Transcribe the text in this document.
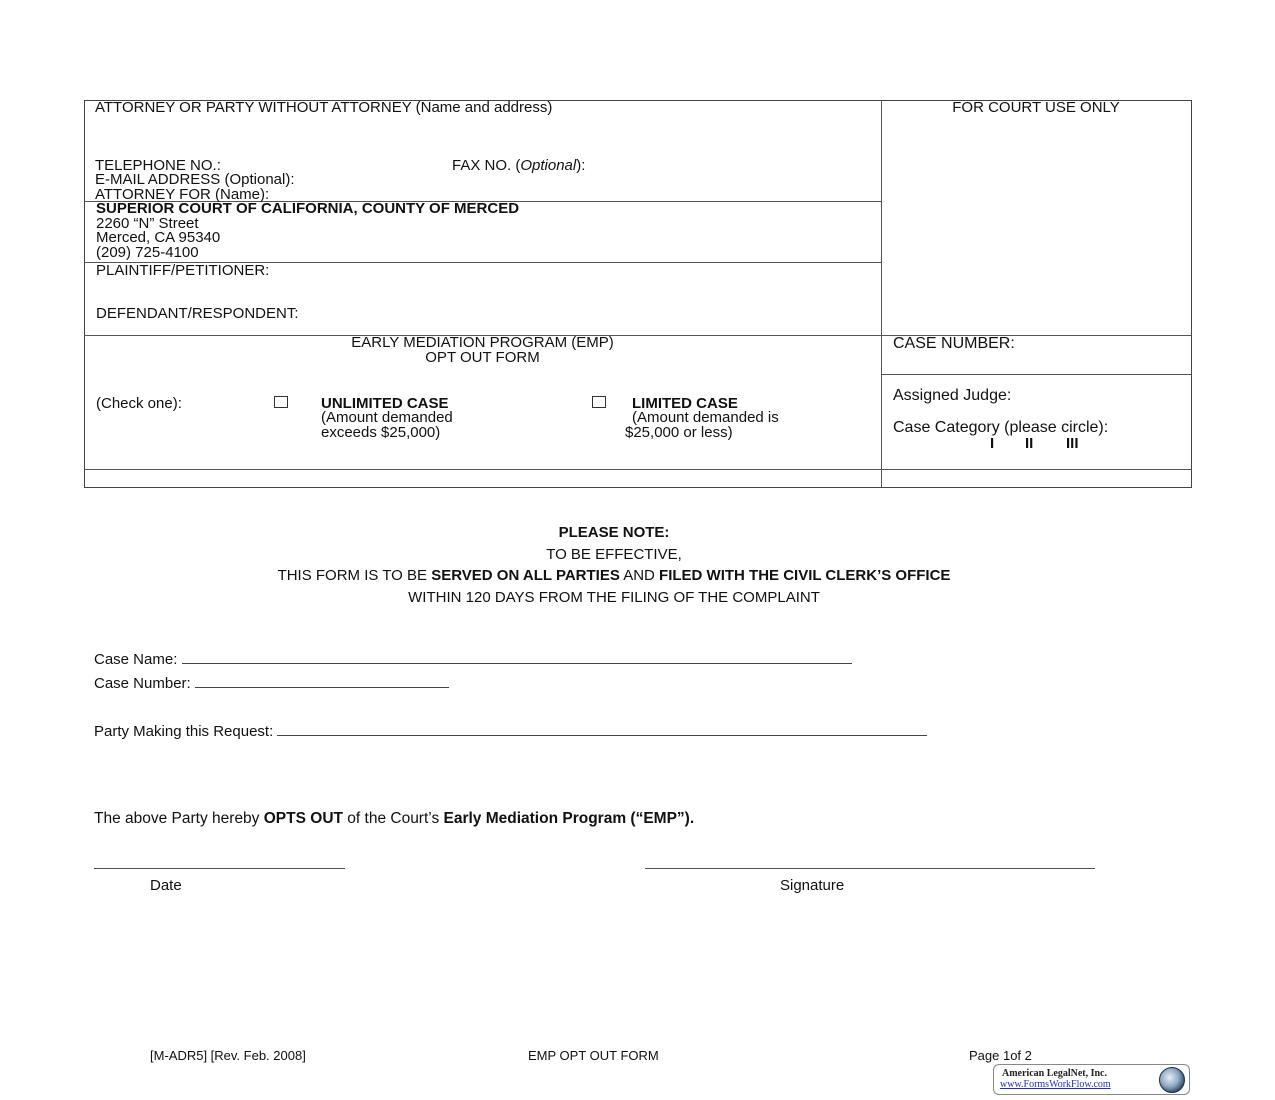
ATTORNEY OR PARTY WITHOUT ATTORNEY (Name and address)
TELEPHONE NO.:	FAX NO. (Optional):
E-MAIL ADDRESS (Optional):
ATTORNEY FOR (Name):
SUPERIOR COURT OF CALIFORNIA, COUNTY OF MERCED
2260 “N” Street
Merced, CA 95340
(209) 725-4100
PLAINTIFF/PETITIONER:
DEFENDANT/RESPONDENT:
EARLY MEDIATION PROGRAM (EMP)
OPT OUT FORM
(Check one):	UNLIMITED CASE
(Amount demanded
exceeds $25,000)
LIMITED CASE
(Amount demanded is
$25,000 or less)
FOR COURT USE ONLY
CASE NUMBER:
Assigned Judge:
Case Category (please circle):
I II III
PLEASE NOTE:
TO BE EFFECTIVE,
THIS FORM IS TO BE SERVED ON ALL PARTIES AND FILED WITH THE CIVIL CLERK’S OFFICE
WITHIN 120 DAYS FROM THE FILING OF THE COMPLAINT
Case Name:
Case Number:
Party Making this Request:
The above Party hereby OPTS OUT of the Court’s Early Mediation Program (“EMP”).
Date	Signature
[M-ADR5] [Rev. Feb. 2008]	EMP OPT OUT FORM	Page 1of 2
American LegalNet, Inc.
www.FormsWorkFlow.com
